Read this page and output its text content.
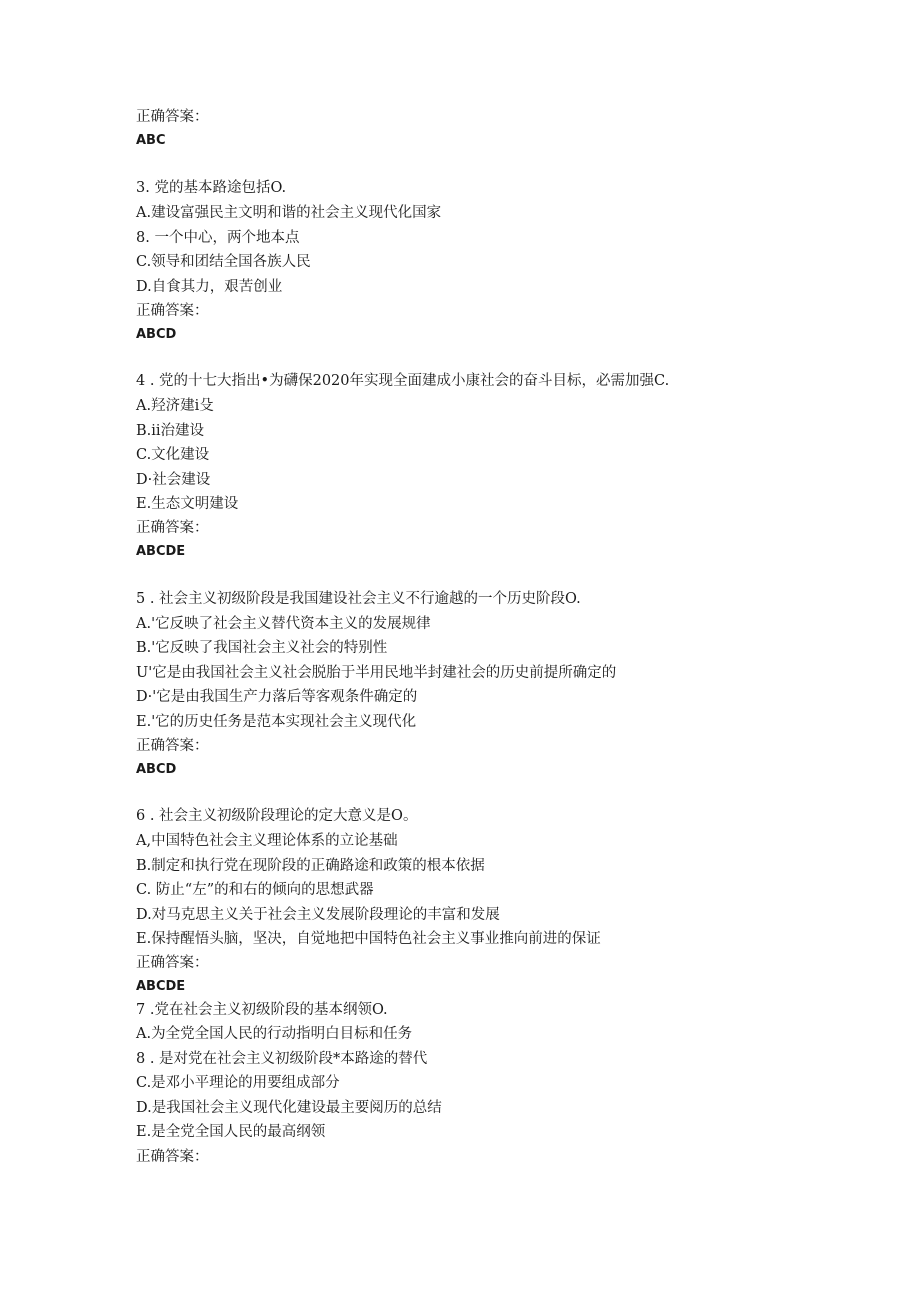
正确答案：
ABC
3. 党的基本路途包括O.
A.建设富强民主文明和谐的社会主义现代化国家
8. 一个中心，两个地本点
C.领导和团结全国各族人民
D.自食其力，艰苦创业
正确答案：
ABCD
4 . 党的十七大指出•为礴保2020年实现全面建成小康社会的奋斗目标，必需加强C.
A.羟济建i殳
B.ii治建设
C.文化建设
D·社会建设
E.生态文明建设
正确答案：
ABCDE
5 . 社会主义初级阶段是我国建设社会主义不行逾越的一个历史阶段O.
A.'它反映了社会主义替代资本主义的发展规律
B.'它反映了我国社会主义社会的特别性
U'它是由我国社会主义社会脱胎于半用民地半封建社会的历史前提所确定的
D·'它是由我国生产力落后等客观条件确定的
E.'它的历史任务是范本实现社会主义现代化
正确答案：
ABCD
6 . 社会主义初级阶段理论的定大意义是O。
A,中国特色社会主义理论体系的立论基础
B.制定和执行党在现阶段的正确路途和政策的根本依据
C. 防止“左”的和右的倾向的思想武器
D.对马克思主义关于社会主义发展阶段理论的丰富和发展
E.保持醒悟头脑，坚决，自觉地把中国特色社会主义事业推向前进的保证
正确答案：
ABCDE
7 .党在社会主义初级阶段的基本纲领O.
A.为全党全国人民的行动指明白目标和任务
8 . 是对党在社会主义初级阶段*本路途的替代
C.是邓小平理论的用要组成部分
D.是我国社会主义现代化建设最主要阅历的总结
E.是全党全国人民的最高纲领
正确答案：
